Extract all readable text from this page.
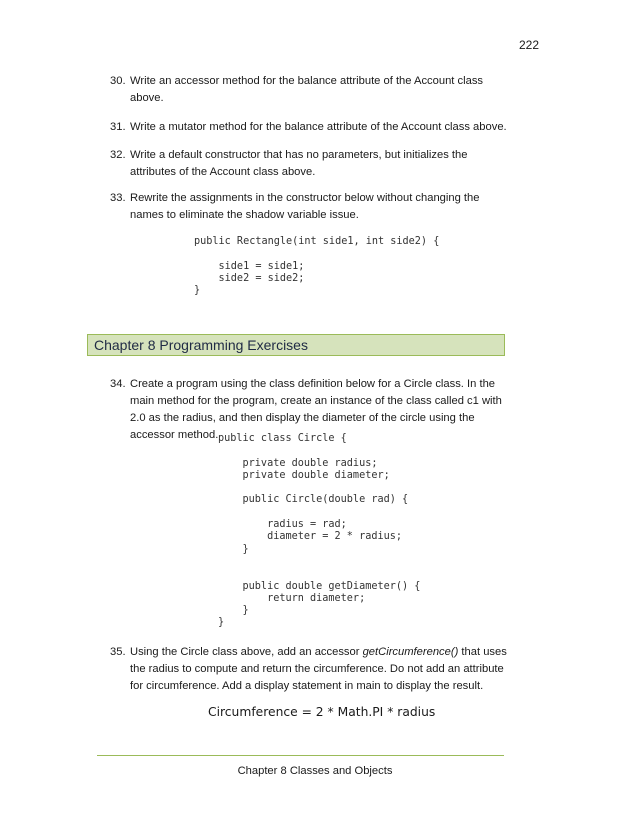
222
30. Write an accessor method for the balance attribute of the Account class above.
31. Write a mutator method for the balance attribute of the Account class above.
32. Write a default constructor that has no parameters, but initializes the attributes of the Account class above.
33. Rewrite the assignments in the constructor below without changing the names to eliminate the shadow variable issue.
public Rectangle(int side1, int side2) {

side1 = side1;
side2 = side2;
}
Chapter 8 Programming Exercises
34. Create a program using the class definition below for a Circle class. In the main method for the program, create an instance of the class called c1 with 2.0 as the radius, and then display the diameter of the circle using the accessor method. public class Circle {

private double radius;
private double diameter;

public Circle(double rad) {

radius = rad;
diameter = 2 * radius;
}

public double getDiameter() {
return diameter;
}
}
35. Using the Circle class above, add an accessor getCircumference() that uses the radius to compute and return the circumference. Do not add an attribute for circumference. Add a display statement in main to display the result.
Circumference = 2 * Math.PI * radius
Chapter 8 Classes and Objects
